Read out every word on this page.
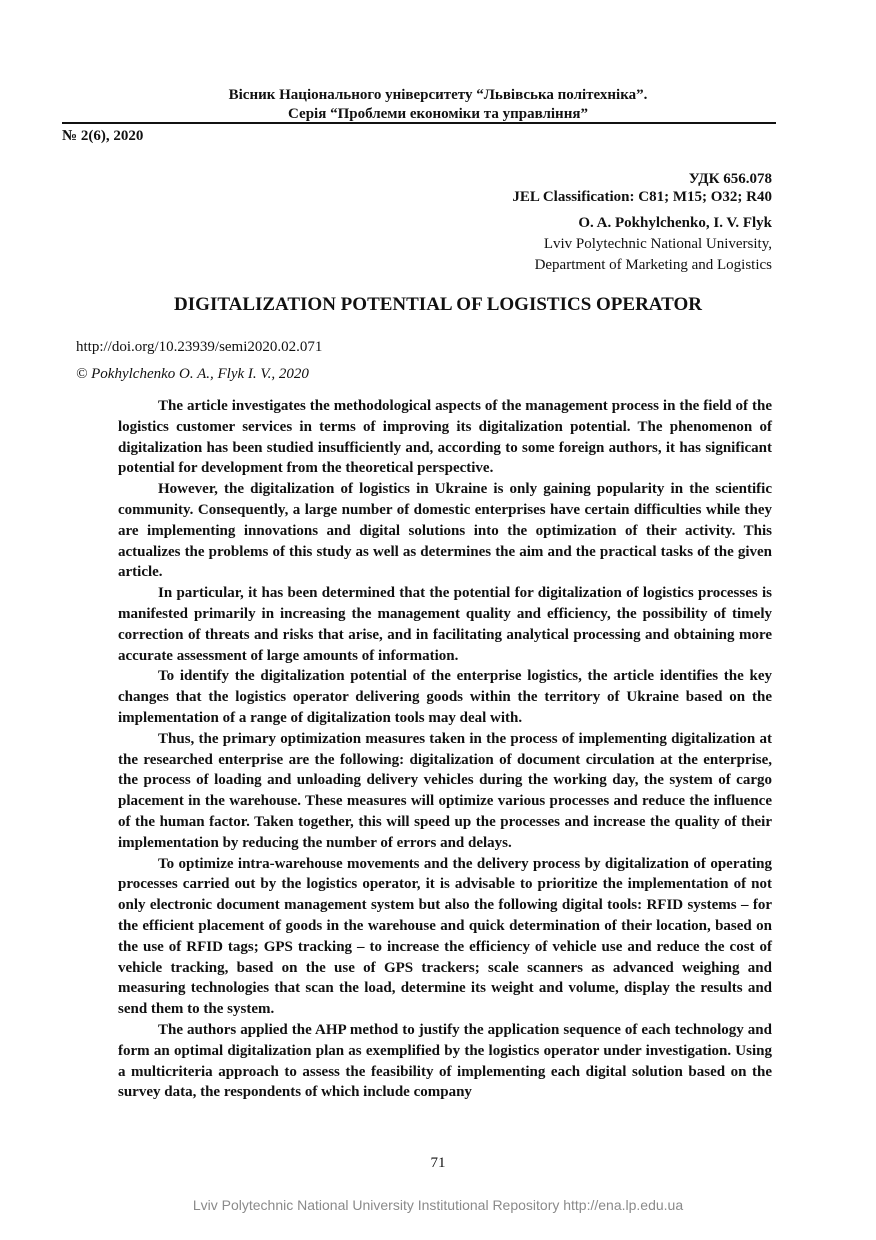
Вісник Національного університету “Львівська політехніка”.
Серія “Проблеми економіки та управління”
№ 2(6), 2020
УДК 656.078
JEL Classification: C81; M15; O32; R40
O. A. Pokhylchenko, I. V. Flyk
Lviv Polytechnic National University,
Department of Marketing and Logistics
DIGITALIZATION POTENTIAL OF LOGISTICS OPERATOR
http://doi.org/10.23939/semi2020.02.071
© Pokhylchenko O. A., Flyk I. V., 2020

The article investigates the methodological aspects of the management process in the field of the logistics customer services in terms of improving its digitalization potential. The phenomenon of digitalization has been studied insufficiently and, according to some foreign authors, it has significant potential for development from the theoretical perspective.

However, the digitalization of logistics in Ukraine is only gaining popularity in the scientific community. Consequently, a large number of domestic enterprises have certain difficulties while they are implementing innovations and digital solutions into the optimization of their activity. This actualizes the problems of this study as well as determines the aim and the practical tasks of the given article.

In particular, it has been determined that the potential for digitalization of logistics processes is manifested primarily in increasing the management quality and efficiency, the possibility of timely correction of threats and risks that arise, and in facilitating analytical processing and obtaining more accurate assessment of large amounts of information.

To identify the digitalization potential of the enterprise logistics, the article identifies the key changes that the logistics operator delivering goods within the territory of Ukraine based on the implementation of a range of digitalization tools may deal with.

Thus, the primary optimization measures taken in the process of implementing digitalization at the researched enterprise are the following: digitalization of document circulation at the enterprise, the process of loading and unloading delivery vehicles during the working day, the system of cargo placement in the warehouse. These measures will optimize various processes and reduce the influence of the human factor. Taken together, this will speed up the processes and increase the quality of their implementation by reducing the number of errors and delays.

To optimize intra-warehouse movements and the delivery process by digitalization of operating processes carried out by the logistics operator, it is advisable to prioritize the implementation of not only electronic document management system but also the following digital tools: RFID systems – for the efficient placement of goods in the warehouse and quick determination of their location, based on the use of RFID tags; GPS tracking – to increase the efficiency of vehicle use and reduce the cost of vehicle tracking, based on the use of GPS trackers; scale scanners as advanced weighing and measuring technologies that scan the load, determine its weight and volume, display the results and send them to the system.

The authors applied the AHP method to justify the application sequence of each technology and form an optimal digitalization plan as exemplified by the logistics operator under investigation. Using a multicriteria approach to assess the feasibility of implementing each digital solution based on the survey data, the respondents of which include company

71
Lviv Polytechnic National University Institutional Repository http://ena.lp.edu.ua
